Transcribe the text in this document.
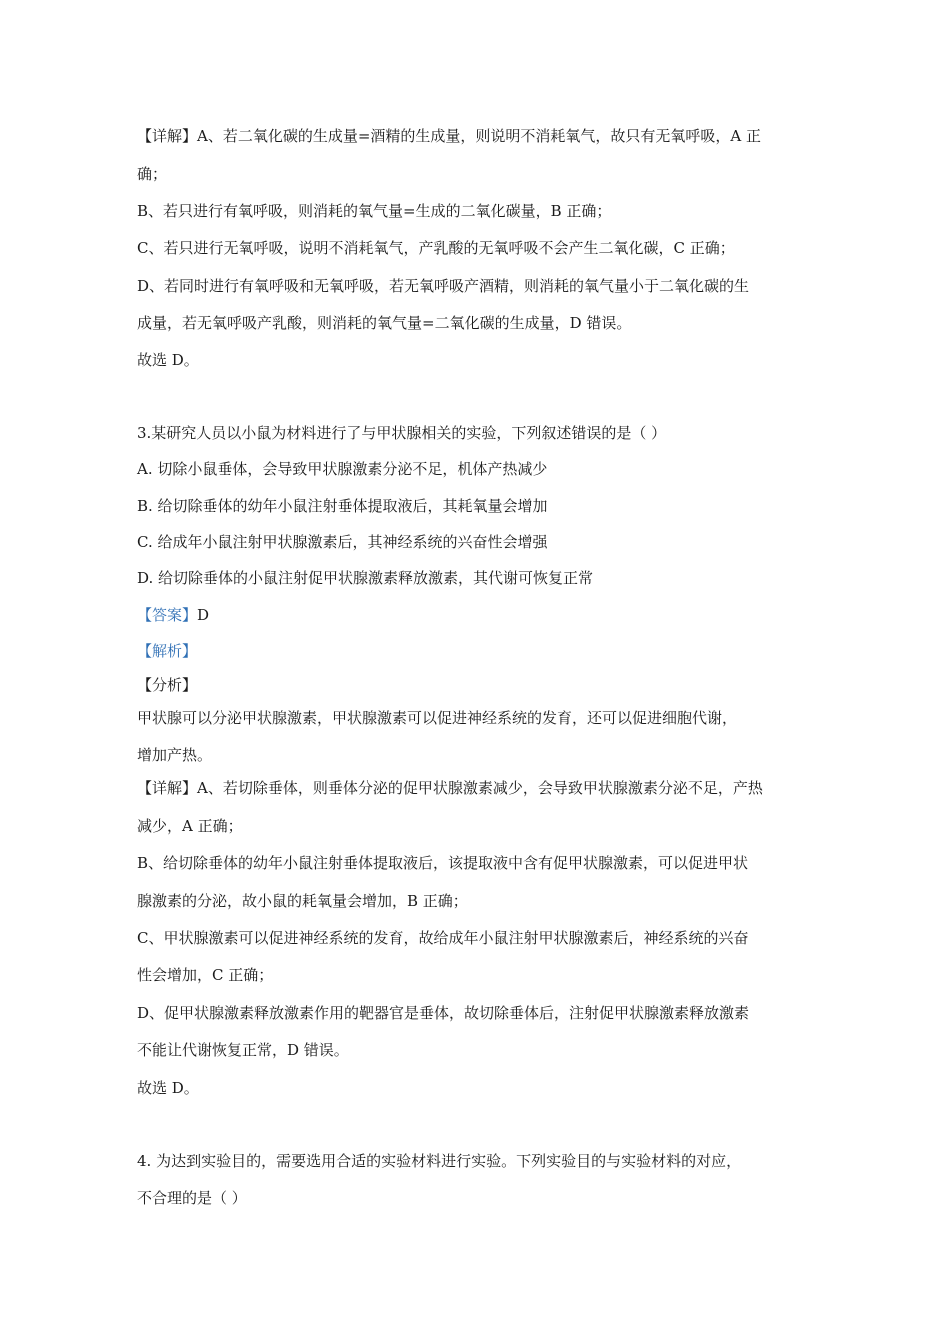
【详解】A、若二氧化碳的生成量=酒精的生成量，则说明不消耗氧气，故只有无氧呼吸，A 正
确；
B、若只进行有氧呼吸，则消耗的氧气量=生成的二氧化碳量，B 正确；
C、若只进行无氧呼吸，说明不消耗氧气，产乳酸的无氧呼吸不会产生二氧化碳，C 正确；
D、若同时进行有氧呼吸和无氧呼吸，若无氧呼吸产酒精，则消耗的氧气量小于二氧化碳的生
成量，若无氧呼吸产乳酸，则消耗的氧气量=二氧化碳的生成量，D 错误。
故选 D。
3.某研究人员以小鼠为材料进行了与甲状腺相关的实验，下列叙述错误的是（ ）
A. 切除小鼠垂体，会导致甲状腺激素分泌不足，机体产热减少
B. 给切除垂体的幼年小鼠注射垂体提取液后，其耗氧量会增加
C. 给成年小鼠注射甲状腺激素后，其神经系统的兴奋性会增强
D. 给切除垂体的小鼠注射促甲状腺激素释放激素，其代谢可恢复正常
【答案】D
【解析】
【分析】
甲状腺可以分泌甲状腺激素，甲状腺激素可以促进神经系统的发育，还可以促进细胞代谢，
增加产热。
【详解】A、若切除垂体，则垂体分泌的促甲状腺激素减少，会导致甲状腺激素分泌不足，产热
减少，A 正确；
B、给切除垂体的幼年小鼠注射垂体提取液后，该提取液中含有促甲状腺激素，可以促进甲状
腺激素的分泌，故小鼠的耗氧量会增加，B 正确；
C、甲状腺激素可以促进神经系统的发育，故给成年小鼠注射甲状腺激素后，神经系统的兴奋
性会增加，C 正确；
D、促甲状腺激素释放激素作用的靶器官是垂体，故切除垂体后，注射促甲状腺激素释放激素
不能让代谢恢复正常，D 错误。
故选 D。
4. 为达到实验目的，需要选用合适的实验材料进行实验。下列实验目的与实验材料的对应，
不合理的是（ ）
